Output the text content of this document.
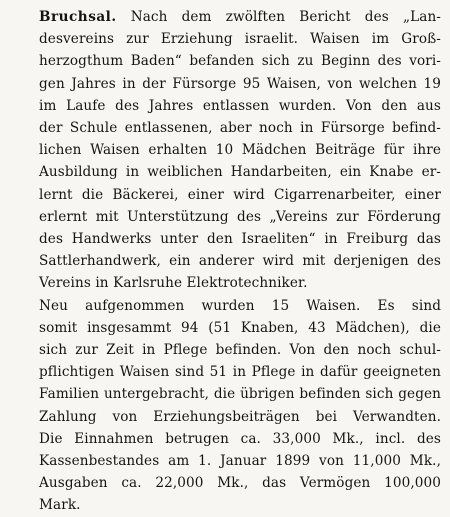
Bruchsal. Nach dem zwölften Bericht des „Lan-
desvereins zur Erziehung israelit. Waisen im Groß-
herzogthum Baden“ befanden sich zu Beginn des vori-
gen Jahres in der Fürsorge 95 Waisen, von welchen 19
im Laufe des Jahres entlassen wurden. Von den aus
der Schule entlassenen, aber noch in Fürsorge befind-
lichen Waisen erhalten 10 Mädchen Beiträge für ihre
Ausbildung in weiblichen Handarbeiten, ein Knabe er-
lernt die Bäckerei, einer wird Cigarrenarbeiter, einer
erlernt mit Unterstützung des „Vereins zur Förderung
des Handwerks unter den Israeliten“ in Freiburg das
Sattlerhandwerk, ein anderer wird mit derjenigen des
Vereins in Karlsruhe Elektrotechniker.

Neu aufgenommen wurden 15 Waisen. Es sind
somit insgesammt 94 (51 Knaben, 43 Mädchen), die
sich zur Zeit in Pflege befinden. Von den noch schul-
pflichtigen Waisen sind 51 in Pflege in dafür geeigneten
Familien untergebracht, die übrigen befinden sich gegen
Zahlung von Erziehungsbeiträgen bei Verwandten.
Die Einnahmen betrugen ca. 33,000 Mk., incl. des
Kassenbestandes am 1. Januar 1899 von 11,000 Mk.,
Ausgaben ca. 22,000 Mk., das Vermögen 100,000
Mark.
